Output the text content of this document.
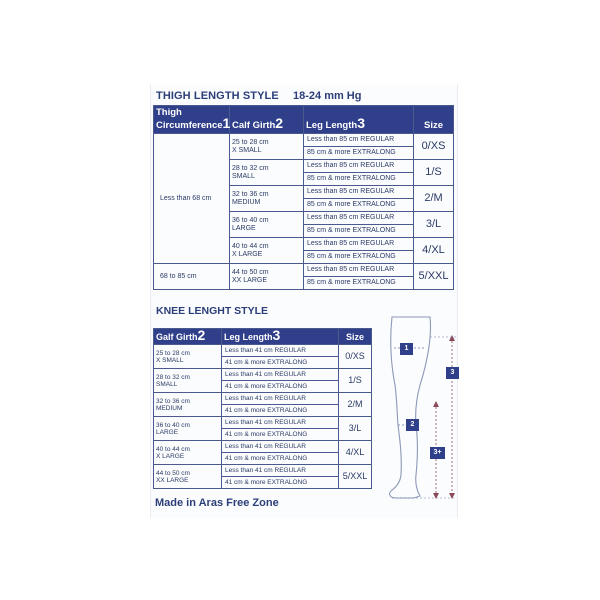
THIGH LENGTH STYLE 18-24 mm Hg
Thigh
Circumference1	Calf Girth2	Leg Length3	Size
Less than 68 cm	25 to 28 cm
X SMALL	Less than 85 cm REGULAR	0/XS
		85 cm & more EXTRALONG	
	28 to 32 cm
SMALL	Less than 85 cm REGULAR	1/S
		85 cm & more EXTRALONG	
	32 to 36 cm
MEDIUM	Less than 85 cm REGULAR	2/M
		85 cm & more EXTRALONG	
	36 to 40 cm
LARGE	Less than 85 cm REGULAR	3/L
		85 cm & more EXTRALONG	
	40 to 44 cm
X LARGE	Less than 85 cm REGULAR	4/XL
		85 cm & more EXTRALONG	
68 to 85 cm	44 to 50 cm
XX LARGE	Less than 85 cm REGULAR	5/XXL
		85 cm & more EXTRALONG	
KNEE LENGHT STYLE
Galf Girth2	Leg Length3	Size
25 to 28 cm
X SMALL	Less than 41 cm REGULAR	0/XS
	41 cm & more EXTRALONG	
28 to 32 cm
SMALL	Less than 41 cm REGULAR	1/S
	41 cm & more EXTRALONG	
32 to 36 cm
MEDIUM	Less than 41 cm REGULAR	2/M
	41 cm & more EXTRALONG	
36 to 40 cm
LARGE	Less than 41 cm REGULAR	3/L
	41 cm & more EXTRALONG	
40 to 44 cm
X LARGE	Less than 41 cm REGULAR	4/XL
	41 cm & more EXTRALONG	
44 to 50 cm
XX LARGE	Less than 41 cm REGULAR	5/XXL
	41 cm & more EXTRALONG	
1
2
3
3+
Made in Aras Free Zone
